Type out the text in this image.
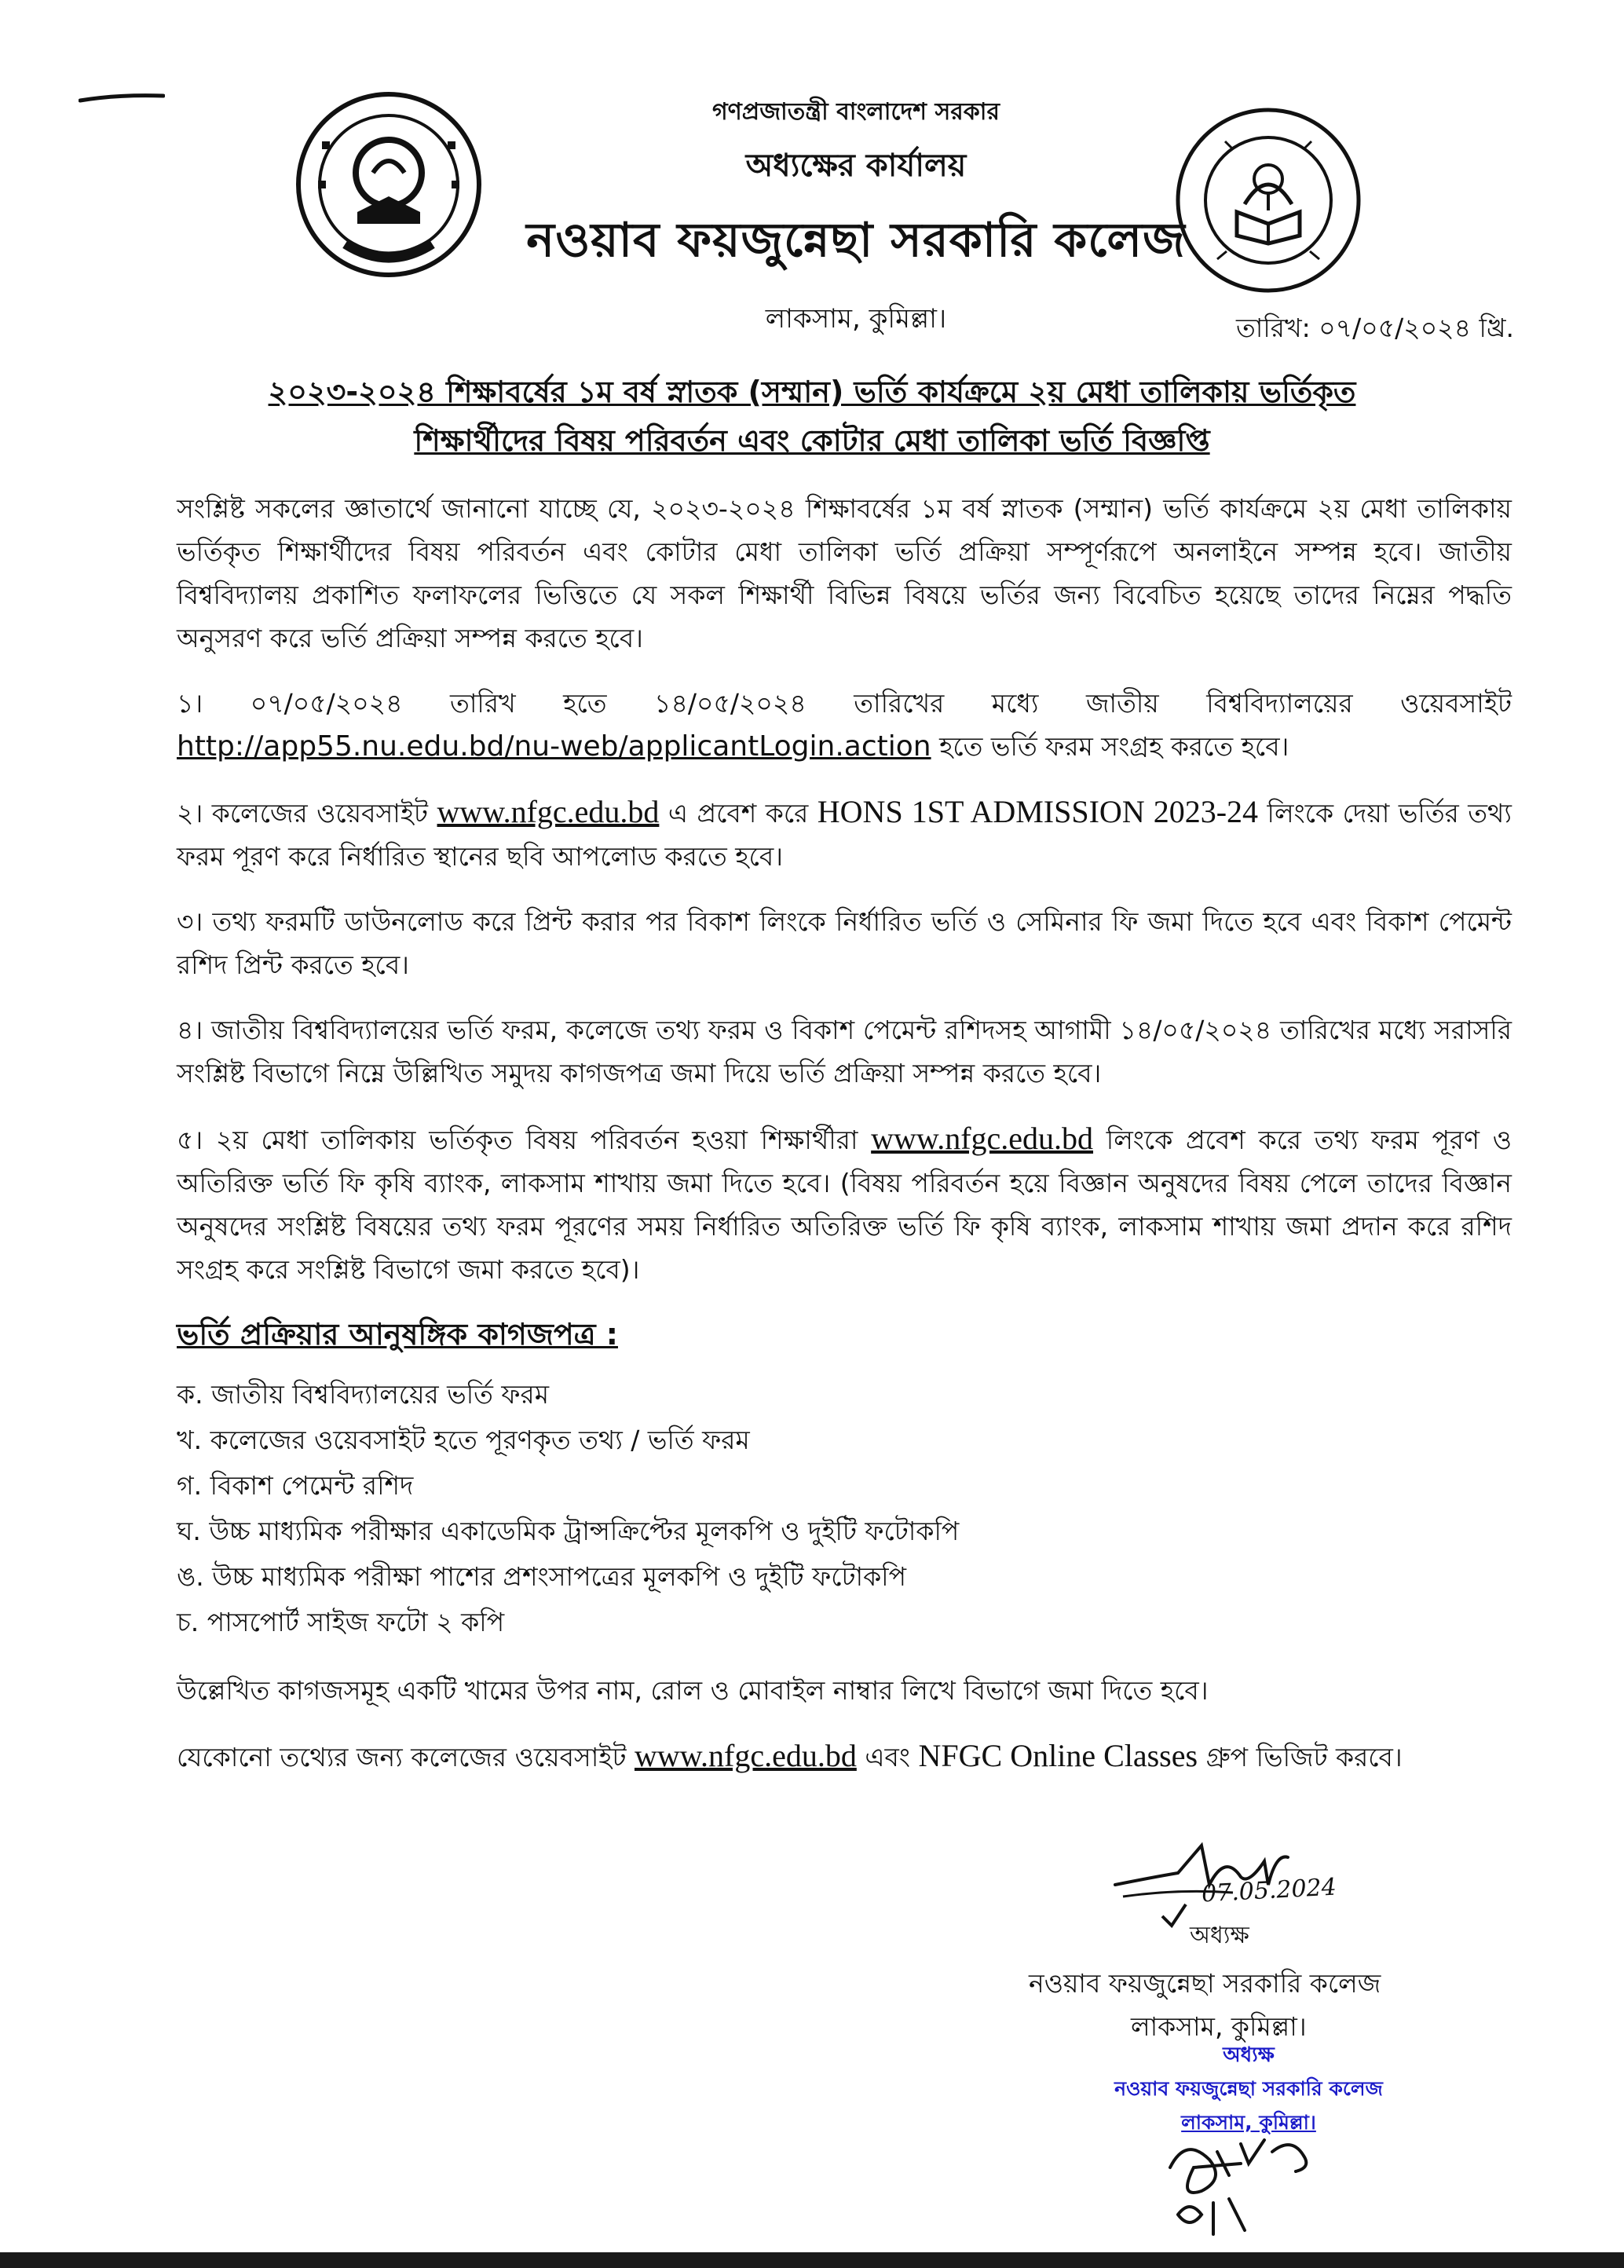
গণপ্রজাতন্ত্রী বাংলাদেশ সরকার
অধ্যক্ষের কার্যালয়
নওয়াব ফয়জুন্নেছা সরকারি কলেজ
লাকসাম, কুমিল্লা।	তারিখ: ০৭/০৫/২০২৪ খ্রি.
২০২৩-২০২৪ শিক্ষাবর্ষের ১ম বর্ষ স্নাতক (সম্মান) ভর্তি কার্যক্রমে ২য় মেধা তালিকায় ভর্তিকৃত
শিক্ষার্থীদের বিষয় পরিবর্তন এবং কোটার মেধা তালিকা ভর্তি বিজ্ঞপ্তি

সংশ্লিষ্ট সকলের জ্ঞাতার্থে জানানো যাচ্ছে যে, ২০২৩-২০২৪ শিক্ষাবর্ষের ১ম বর্ষ স্নাতক (সম্মান) ভর্তি কার্যক্রমে ২য় মেধা তালিকায় ভর্তিকৃত শিক্ষার্থীদের বিষয় পরিবর্তন এবং কোটার মেধা তালিকা ভর্তি প্রক্রিয়া সম্পূর্ণরূপে অনলাইনে সম্পন্ন হবে। জাতীয় বিশ্ববিদ্যালয় প্রকাশিত ফলাফলের ভিত্তিতে যে সকল শিক্ষার্থী বিভিন্ন বিষয়ে ভর্তির জন্য বিবেচিত হয়েছে তাদের নিম্নের পদ্ধতি অনুসরণ করে ভর্তি প্রক্রিয়া সম্পন্ন করতে হবে।

১। ০৭/০৫/২০২৪ তারিখ হতে ১৪/০৫/২০২৪ তারিখের মধ্যে জাতীয় বিশ্ববিদ্যালয়ের ওয়েবসাইট http://app55.nu.edu.bd/nu-web/applicantLogin.action হতে ভর্তি ফরম সংগ্রহ করতে হবে।

২। কলেজের ওয়েবসাইট www.nfgc.edu.bd এ প্রবেশ করে HONS 1ST ADMISSION 2023-24 লিংকে দেয়া ভর্তির তথ্য ফরম পূরণ করে নির্ধারিত স্থানের ছবি আপলোড করতে হবে।

৩। তথ্য ফরমটি ডাউনলোড করে প্রিন্ট করার পর বিকাশ লিংকে নির্ধারিত ভর্তি ও সেমিনার ফি জমা দিতে হবে এবং বিকাশ পেমেন্ট রশিদ প্রিন্ট করতে হবে।

৪। জাতীয় বিশ্ববিদ্যালয়ের ভর্তি ফরম, কলেজে তথ্য ফরম ও বিকাশ পেমেন্ট রশিদসহ আগামী ১৪/০৫/২০২৪ তারিখের মধ্যে সরাসরি সংশ্লিষ্ট বিভাগে নিম্নে উল্লিখিত সমুদয় কাগজপত্র জমা দিয়ে ভর্তি প্রক্রিয়া সম্পন্ন করতে হবে।

৫। ২য় মেধা তালিকায় ভর্তিকৃত বিষয় পরিবর্তন হওয়া শিক্ষার্থীরা www.nfgc.edu.bd লিংকে প্রবেশ করে তথ্য ফরম পূরণ ও অতিরিক্ত ভর্তি ফি কৃষি ব্যাংক, লাকসাম শাখায় জমা দিতে হবে। (বিষয় পরিবর্তন হয়ে বিজ্ঞান অনুষদের বিষয় পেলে তাদের বিজ্ঞান অনুষদের সংশ্লিষ্ট বিষয়ের তথ্য ফরম পূরণের সময় নির্ধারিত অতিরিক্ত ভর্তি ফি কৃষি ব্যাংক, লাকসাম শাখায় জমা প্রদান করে রশিদ সংগ্রহ করে সংশ্লিষ্ট বিভাগে জমা করতে হবে)।

ভর্তি প্রক্রিয়ার আনুষঙ্গিক কাগজপত্র :
ক. জাতীয় বিশ্ববিদ্যালয়ের ভর্তি ফরম
খ. কলেজের ওয়েবসাইট হতে পূরণকৃত তথ্য / ভর্তি ফরম
গ. বিকাশ পেমেন্ট রশিদ
ঘ. উচ্চ মাধ্যমিক পরীক্ষার একাডেমিক ট্রান্সক্রিপ্টের মূলকপি ও দুইটি ফটোকপি
ঙ. উচ্চ মাধ্যমিক পরীক্ষা পাশের প্রশংসাপত্রের মূলকপি ও দুইটি ফটোকপি
চ. পাসপোর্ট সাইজ ফটো ২ কপি

উল্লেখিত কাগজসমূহ একটি খামের উপর নাম, রোল ও মোবাইল নাম্বার লিখে বিভাগে জমা দিতে হবে।

যেকোনো তথ্যের জন্য কলেজের ওয়েবসাইট www.nfgc.edu.bd এবং NFGC Online Classes গ্রুপ ভিজিট করবে।

07.05.2024
অধ্যক্ষ
নওয়াব ফয়জুন্নেছা সরকারি কলেজ
লাকসাম, কুমিল্লা।
অধ্যক্ষ
নওয়াব ফয়জুন্নেছা সরকারি কলেজ
লাকসাম, কুমিল্লা।
